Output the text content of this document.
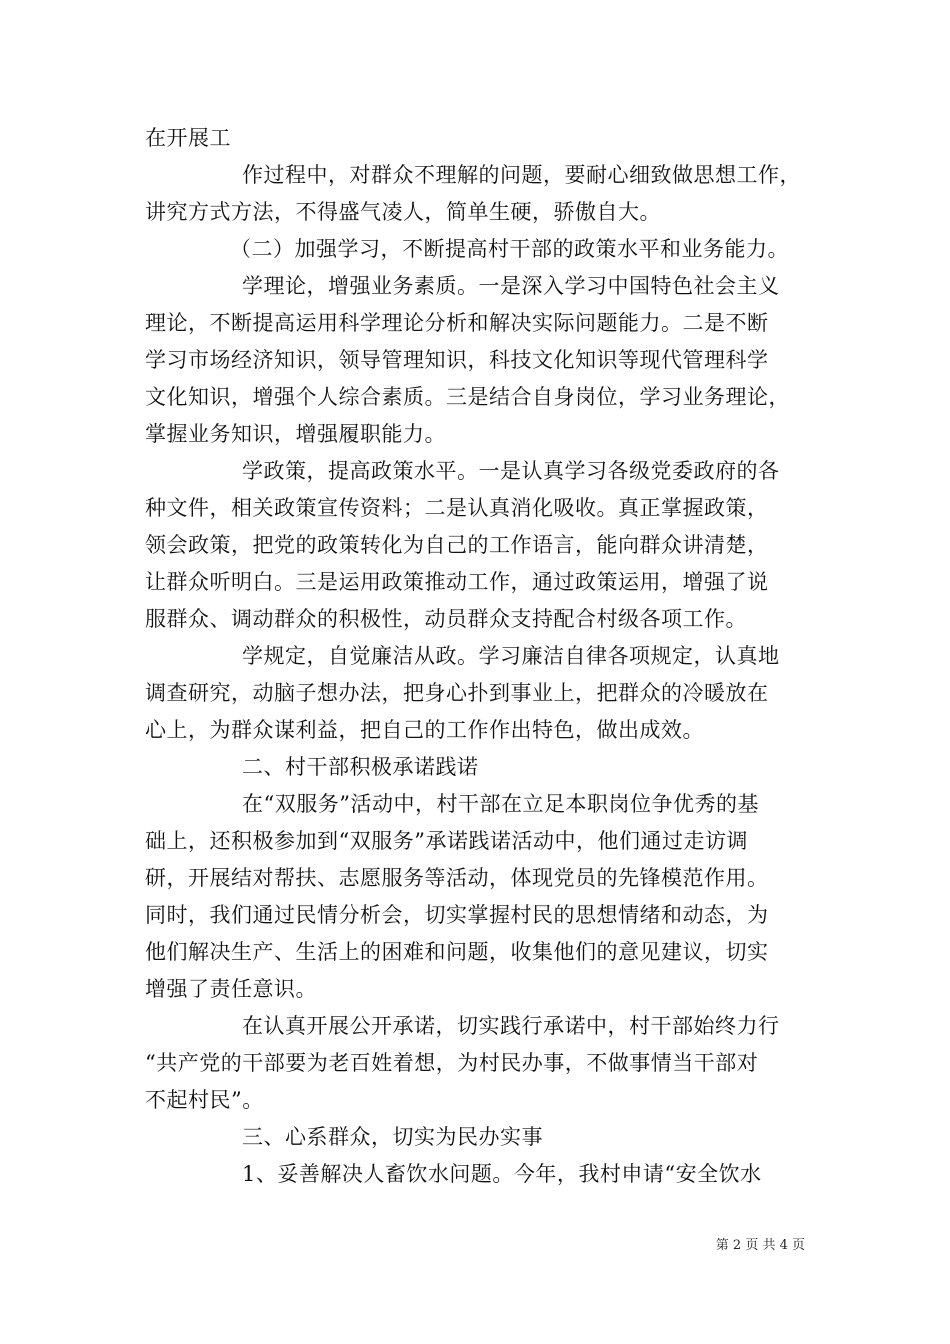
在开展工
作过程中，对群众不理解的问题，要耐心细致做思想工作，
讲究方式方法，不得盛气凌人，简单生硬，骄傲自大。
（二）加强学习，不断提高村干部的政策水平和业务能力。
学理论，增强业务素质。一是深入学习中国特色社会主义
理论，不断提高运用科学理论分析和解决实际问题能力。二是不断
学习市场经济知识，领导管理知识，科技文化知识等现代管理科学
文化知识，增强个人综合素质。三是结合自身岗位，学习业务理论，
掌握业务知识，增强履职能力。
学政策，提高政策水平。一是认真学习各级党委政府的各
种文件，相关政策宣传资料；二是认真消化吸收。真正掌握政策，
领会政策，把党的政策转化为自己的工作语言，能向群众讲清楚，
让群众听明白。三是运用政策推动工作，通过政策运用，增强了说
服群众、调动群众的积极性，动员群众支持配合村级各项工作。
学规定，自觉廉洁从政。学习廉洁自律各项规定，认真地
调查研究，动脑子想办法，把身心扑到事业上，把群众的冷暖放在
心上，为群众谋利益，把自己的工作作出特色，做出成效。
二、村干部积极承诺践诺
在“双服务”活动中，村干部在立足本职岗位争优秀的基
础上，还积极参加到“双服务”承诺践诺活动中，他们通过走访调
研，开展结对帮扶、志愿服务等活动，体现党员的先锋模范作用。
同时，我们通过民情分析会，切实掌握村民的思想情绪和动态，为
他们解决生产、生活上的困难和问题，收集他们的意见建议，切实
增强了责任意识。
在认真开展公开承诺，切实践行承诺中，村干部始终力行
“共产党的干部要为老百姓着想，为村民办事，不做事情当干部对
不起村民”。
三、心系群众，切实为民办实事
1、妥善解决人畜饮水问题。今年，我村申请“安全饮水
第 2 页 共 4 页
